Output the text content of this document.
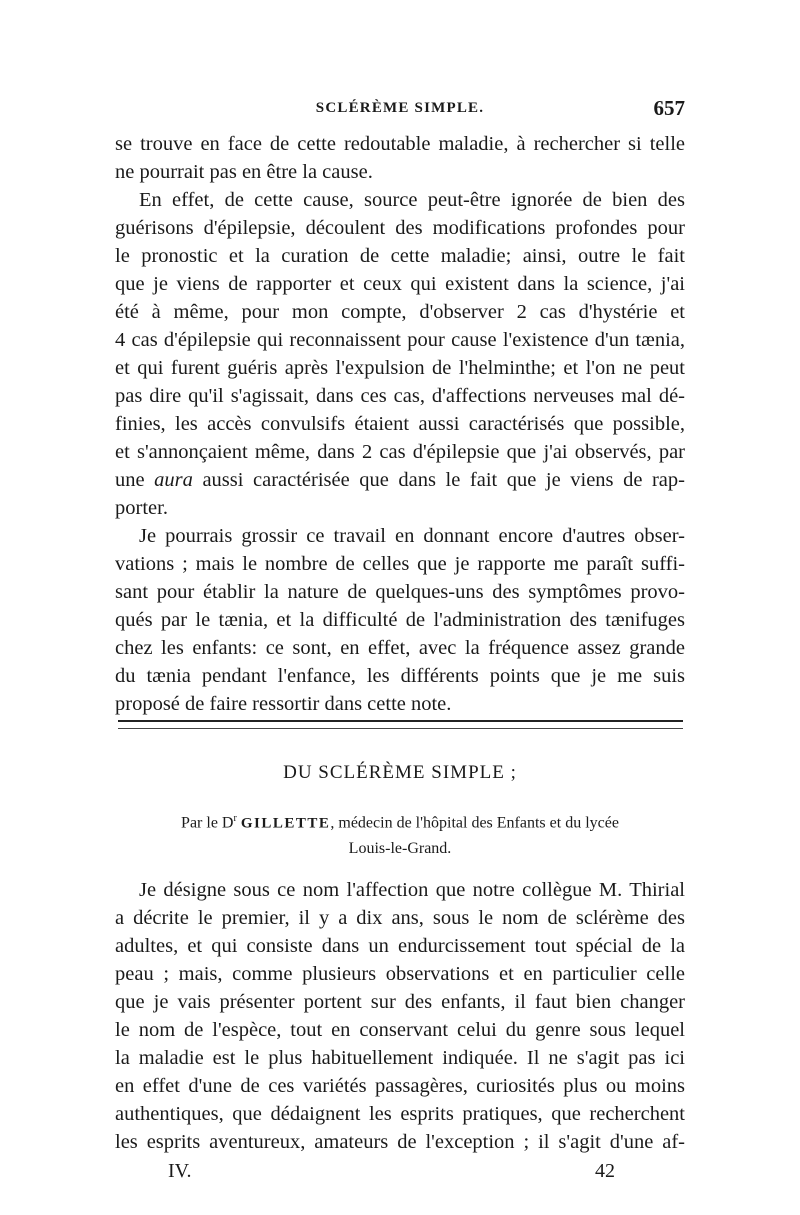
SCLÉRÈME SIMPLE.	657
se trouve en face de cette redoutable maladie, à rechercher si telle
ne pourrait pas en être la cause.
En effet, de cette cause, source peut-être ignorée de bien des
guérisons d'épilepsie, découlent des modifications profondes pour
le pronostic et la curation de cette maladie; ainsi, outre le fait
que je viens de rapporter et ceux qui existent dans la science, j'ai
été à même, pour mon compte, d'observer 2 cas d'hystérie et
4 cas d'épilepsie qui reconnaissent pour cause l'existence d'un tænia,
et qui furent guéris après l'expulsion de l'helminthe; et l'on ne peut
pas dire qu'il s'agissait, dans ces cas, d'affections nerveuses mal dé-
finies, les accès convulsifs étaient aussi caractérisés que possible,
et s'annonçaient même, dans 2 cas d'épilepsie que j'ai observés, par
une aura aussi caractérisée que dans le fait que je viens de rap-
porter.
Je pourrais grossir ce travail en donnant encore d'autres obser-
vations ; mais le nombre de celles que je rapporte me paraît suffi-
sant pour établir la nature de quelques-uns des symptômes provo-
qués par le tænia, et la difficulté de l'administration des tænifuges
chez les enfants: ce sont, en effet, avec la fréquence assez grande
du tænia pendant l'enfance, les différents points que je me suis
proposé de faire ressortir dans cette note.
DU SCLÉRÈME SIMPLE ;
Par le $D^r$ GILLETTE, médecin de l'hôpital des Enfants et du lycée
Louis-le-Grand.
Je désigne sous ce nom l'affection que notre collègue M. Thirial
a décrite le premier, il y a dix ans, sous le nom de sclérème des
adultes, et qui consiste dans un endurcissement tout spécial de la
peau ; mais, comme plusieurs observations et en particulier celle
que je vais présenter portent sur des enfants, il faut bien changer
le nom de l'espèce, tout en conservant celui du genre sous lequel
la maladie est le plus habituellement indiquée. Il ne s'agit pas ici
en effet d'une de ces variétés passagères, curiosités plus ou moins
authentiques, que dédaignent les esprits pratiques, que recherchent
les esprits aventureux, amateurs de l'exception ; il s'agit d'une af-
IV.	42
